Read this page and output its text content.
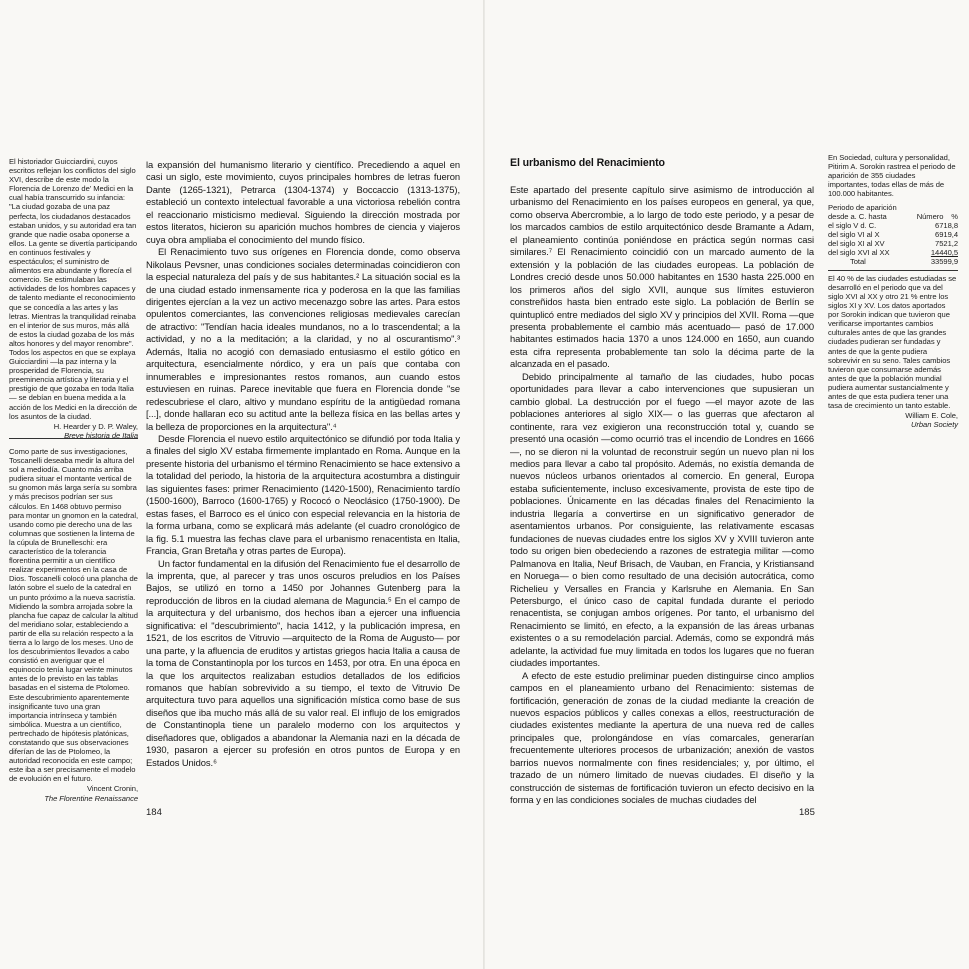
El historiador Guicciardini, cuyos escritos reflejan los conflictos del siglo XVI, describe de este modo la Florencia de Lorenzo de' Medici en la cual había transcurrido su infancia: "La ciudad gozaba de una paz perfecta, los ciudadanos destacados estaban unidos, y su autoridad era tan grande que nadie osaba oponerse a ellos. La gente se divertía participando en continuos festivales y espectáculos; el suministro de alimentos era abundante y florecía el comercio. Se estimulaban las actividades de los hombres capaces y de talento mediante el reconocimiento que se concedía a las artes y las letras. Mientras la tranquilidad reinaba en el interior de sus muros, más allá de estos la ciudad gozaba de los más altos honores y del mayor renombre". Todos los aspectos en que se explaya Guicciardini —la paz interna y la prosperidad de Florencia, su preeminencia artística y literaria y el prestigio de que gozaba en toda Italia— se debían en buena medida a la acción de los Medici en la dirección de los asuntos de la ciudad.

H. Hearder y D. P. Waley,
Breve historia de Italia

Como parte de sus investigaciones, Toscanelli deseaba medir la altura del sol a mediodía. Cuanto más arriba pudiera situar el montante vertical de su gnomon más larga sería su sombra y más precisos podrían ser sus cálculos. En 1468 obtuvo permiso para montar un gnomon en la catedral, usando como pie derecho una de las columnas que sostienen la linterna de la cúpula de Brunelleschi: era característico de la tolerancia florentina permitir a un científico realizar experimentos en la casa de Dios. Toscanelli colocó una plancha de latón sobre el suelo de la catedral en un punto próximo a la nueva sacristía. Midiendo la sombra arrojada sobre la plancha fue capaz de calcular la altitud del meridiano solar, estableciendo a partir de ella su relación respecto a la tierra a lo largo de los meses. Uno de los descubrimientos llevados a cabo consistió en averiguar que el equinoccio tenía lugar veinte minutos antes de lo previsto en las tablas basadas en el sistema de Ptolomeo. Este descubrimiento aparentemente insignificante tuvo una gran importancia intrínseca y también simbólica. Muestra a un científico, pertrechado de hipótesis platónicas, constatando que sus observaciones diferían de las de Ptolomeo, la autoridad reconocida en este campo; este iba a ser precisamente el modelo de evolución en el futuro.

Vincent Cronin,
The Florentine Renaissance

la expansión del humanismo literario y científico. Precediendo a aquel en casi un siglo, este movimiento, cuyos principales hombres de letras fueron Dante (1265-1321), Petrarca (1304-1374) y Boccaccio (1313-1375), estableció un contexto intelectual favorable a una victoriosa rebelión contra el reaccionario misticismo medieval. Siguiendo la dirección mostrada por estos literatos, hicieron su aparición muchos hombres de ciencia y viajeros cuya obra ampliaba el conocimiento del mundo físico.

El Renacimiento tuvo sus orígenes en Florencia donde, como observa Nikolaus Pevsner, unas condiciones sociales determinadas coincidieron con la especial naturaleza del país y de sus habitantes.² La situación social es la de una ciudad estado inmensamente rica y poderosa en la que las familias dirigentes ejercían a la vez un activo mecenazgo sobre las artes. Para estos opulentos comerciantes, las convenciones religiosas medievales carecían de atractivo: "Tendían hacia ideales mundanos, no a lo trascendental; a la actividad, y no a la meditación; a la claridad, y no al oscurantismo".³ Además, Italia no acogió con demasiado entusiasmo el estilo gótico en arquitectura, esencialmente nórdico, y era un país que contaba con innumerables e impresionantes restos romanos, aun cuando estos estuviesen en ruinas. Parece inevitable que fuera en Florencia donde "se redescubriese el claro, altivo y mundano espíritu de la antigüedad romana [...], donde hallaran eco su actitud ante la belleza física en las bellas artes y la belleza de proporciones en la arquitectura".⁴

Desde Florencia el nuevo estilo arquitectónico se difundió por toda Italia y a finales del siglo XV estaba firmemente implantado en Roma. Aunque en la presente historia del urbanismo el término Renacimiento se hace extensivo a la totalidad del periodo, la historia de la arquitectura acostumbra a distinguir las siguientes fases: primer Renacimiento (1420-1500), Renacimiento tardío (1500-1600), Barroco (1600-1765) y Rococó o Neoclásico (1750-1900). De estas fases, el Barroco es el único con especial relevancia en la historia de la forma urbana, como se explicará más adelante (el cuadro cronológico de la fig. 5.1 muestra las fechas clave para el urbanismo renacentista en Italia, Francia, Gran Bretaña y otras partes de Europa).

Un factor fundamental en la difusión del Renacimiento fue el desarrollo de la imprenta, que, al parecer y tras unos oscuros preludios en los Países Bajos, se utilizó en torno a 1450 por Johannes Gutenberg para la reproducción de libros en la ciudad alemana de Maguncia.⁵ En el campo de la arquitectura y del urbanismo, dos hechos iban a ejercer una influencia significativa: el "descubrimiento", hacia 1412, y la publicación impresa, en 1521, de los escritos de Vitruvio —arquitecto de la Roma de Augusto— por una parte, y la afluencia de eruditos y artistas griegos hacia Italia a causa de la toma de Constantinopla por los turcos en 1453, por otra. En una época en la que los arquitectos realizaban estudios detallados de los edificios romanos que habían sobrevivido a su tiempo, el texto de Vitruvio De arquitectura tuvo para aquellos una significación mística como base de sus diseños que iba mucho más allá de su valor real. El influjo de los emigrados de Constantinopla tiene un paralelo moderno con los arquitectos y diseñadores que, obligados a abandonar la Alemania nazi en la década de 1930, pasaron a ejercer su profesión en otros puntos de Europa y en Estados Unidos.⁶

184
El urbanismo del Renacimiento

Este apartado del presente capítulo sirve asimismo de introducción al urbanismo del Renacimiento en los países europeos en general, ya que, como observa Abercrombie, a lo largo de todo este periodo, y a pesar de los marcados cambios de estilo arquitectónico desde Bramante a Adam, el planeamiento continúa poniéndose en práctica según normas casi similares.⁷ El Renacimiento coincidió con un marcado aumento de la extensión y la población de las ciudades europeas. La población de Londres creció desde unos 50.000 habitantes en 1530 hasta 225.000 en los primeros años del siglo XVII, aunque sus límites estuvieron constreñidos hasta bien entrado este siglo. La población de Berlín se quintuplicó entre mediados del siglo XV y principios del XVII. Roma —que presenta probablemente el cambio más acentuado— pasó de 17.000 habitantes estimados hacia 1370 a unos 124.000 en 1650, aun cuando esta cifra representa probablemente tan solo la décima parte de la alcanzada en el pasado.

Debido principalmente al tamaño de las ciudades, hubo pocas oportunidades para llevar a cabo intervenciones que supusieran un cambio global. La destrucción por el fuego —el mayor azote de las poblaciones anteriores al siglo XIX— o las guerras que afectaron al continente, rara vez exigieron una reconstrucción total y, cuando se presentó una ocasión —como ocurrió tras el incendio de Londres en 1666—, no se dieron ni la voluntad de reconstruir según un nuevo plan ni los medios para llevar a cabo tal propósito. Además, no existía demanda de nuevos núcleos urbanos orientados al comercio. En general, Europa estaba suficientemente, incluso excesivamente, provista de este tipo de poblaciones. Únicamente en las décadas finales del Renacimiento la industria llegaría a convertirse en un significativo generador de asentamientos urbanos. Por consiguiente, las relativamente escasas fundaciones de nuevas ciudades entre los siglos XV y XVIII tuvieron ante todo su origen bien obedeciendo a razones de estrategia militar —como Palmanova en Italia, Neuf Brisach, de Vauban, en Francia, y Kristiansand en Noruega— o bien como resultado de una decisión autocrática, como Richelieu y Versalles en Francia y Karlsruhe en Alemania. En San Petersburgo, el único caso de capital fundada durante el periodo renacentista, se conjugan ambos orígenes. Por tanto, el urbanismo del Renacimiento se limitó, en efecto, a la expansión de las áreas urbanas existentes o a su remodelación parcial. Además, como se expondrá más adelante, la actividad fue muy limitada en todos los lugares que no fueran ciudades importantes.

A efecto de este estudio preliminar pueden distinguirse cinco amplios campos en el planeamiento urbano del Renacimiento: sistemas de fortificación, generación de zonas de la ciudad mediante la creación de nuevos espacios públicos y calles conexas a ellos, reestructuración de ciudades existentes mediante la apertura de una nueva red de calles principales que, prolongándose en vías comarcales, generarían frecuentemente ulteriores procesos de urbanización; anexión de vastos barrios nuevos normalmente con fines residenciales; y, por último, el trazado de un número limitado de nuevas ciudades. El diseño y la construcción de sistemas de fortificación tuvieron un efecto decisivo en la forma y en las condiciones sociales de muchas ciudades del

En Sociedad, cultura y personalidad, Pitirim A. Sorokin rastrea el periodo de aparición de 355 ciudades importantes, todas ellas de más de 100.000 habitantes.

Periodo de aparición desde a. C. hasta	Número	%
el siglo V d. C.	67	18,8
del siglo VI al X	69	19,4
del siglo XI al XV	75	21,2
del siglo XVI al XX	144	40,5
Total	335	99,9

El 40 % de las ciudades estudiadas se desarrolló en el periodo que va del siglo XVI al XX y otro 21 % entre los siglos XI y XV. Los datos aportados por Sorokin indican que tuvieron que verificarse importantes cambios culturales antes de que las grandes ciudades pudieran ser fundadas y antes de que la gente pudiera sobrevivir en su seno. Tales cambios tuvieron que consumarse además antes de que la población mundial pudiera aumentar sustancialmente y antes de que esta pudiera tener una tasa de crecimiento un tanto estable.

William E. Cole,
Urban Society
185
